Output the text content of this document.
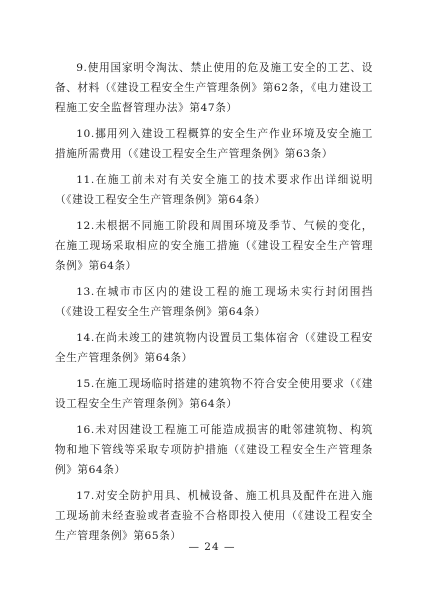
9.使用国家明令淘汰、禁止使用的危及施工安全的工艺、设备、材料（《建设工程安全生产管理条例》第62条，《电力建设工程施工安全监督管理办法》第47条）

10.挪用列入建设工程概算的安全生产作业环境及安全施工措施所需费用（《建设工程安全生产管理条例》第63条）

11.在施工前未对有关安全施工的技术要求作出详细说明（《建设工程安全生产管理条例》第64条）

12.未根据不同施工阶段和周围环境及季节、气候的变化，在施工现场采取相应的安全施工措施（《建设工程安全生产管理条例》第64条）

13.在城市市区内的建设工程的施工现场未实行封闭围挡（《建设工程安全生产管理条例》第64条）

14.在尚未竣工的建筑物内设置员工集体宿舍（《建设工程安全生产管理条例》第64条）

15.在施工现场临时搭建的建筑物不符合安全使用要求（《建设工程安全生产管理条例》第64条）

16.未对因建设工程施工可能造成损害的毗邻建筑物、构筑物和地下管线等采取专项防护措施（《建设工程安全生产管理条例》第64条）

17.对安全防护用具、机械设备、施工机具及配件在进入施工现场前未经查验或者查验不合格即投入使用（《建设工程安全生产管理条例》第65条）

— 24 —
